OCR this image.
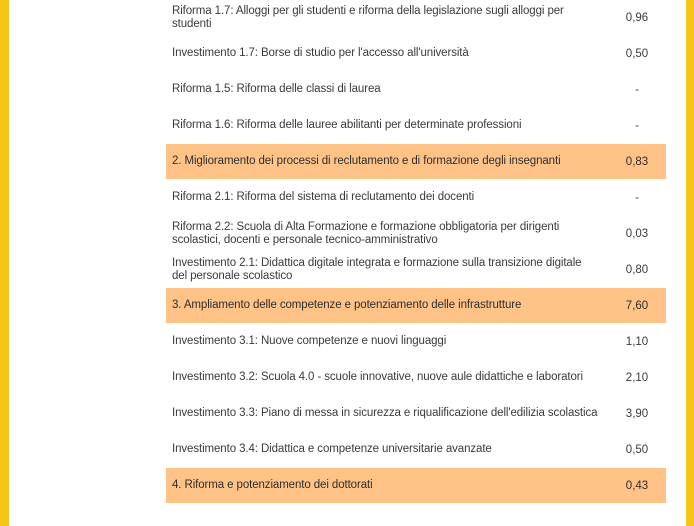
Riforma 1.7: Alloggi per gli studenti e riforma della legislazione sugli alloggi per studenti	0,96
Investimento 1.7: Borse di studio per l'accesso all'università	0,50
Riforma 1.5: Riforma delle classi di laurea	-
Riforma 1.6: Riforma delle lauree abilitanti per determinate professioni	-
2. Miglioramento dei processi di reclutamento e di formazione degli insegnanti	0,83
Riforma 2.1: Riforma del sistema di reclutamento dei docenti	-
Riforma 2.2: Scuola di Alta Formazione e formazione obbligatoria per dirigenti scolastici, docenti e personale tecnico-amministrativo	0,03
Investimento 2.1: Didattica digitale integrata e formazione sulla transizione digitale del personale scolastico	0,80
3. Ampliamento delle competenze e potenziamento delle infrastrutture	7,60
Investimento 3.1: Nuove competenze e nuovi linguaggi	1,10
Investimento 3.2: Scuola 4.0 - scuole innovative, nuove aule didattiche e laboratori	2,10
Investimento 3.3: Piano di messa in sicurezza e riqualificazione dell'edilizia scolastica	3,90
Investimento 3.4: Didattica e competenze universitarie avanzate	0,50
4. Riforma e potenziamento dei dottorati	0,43
